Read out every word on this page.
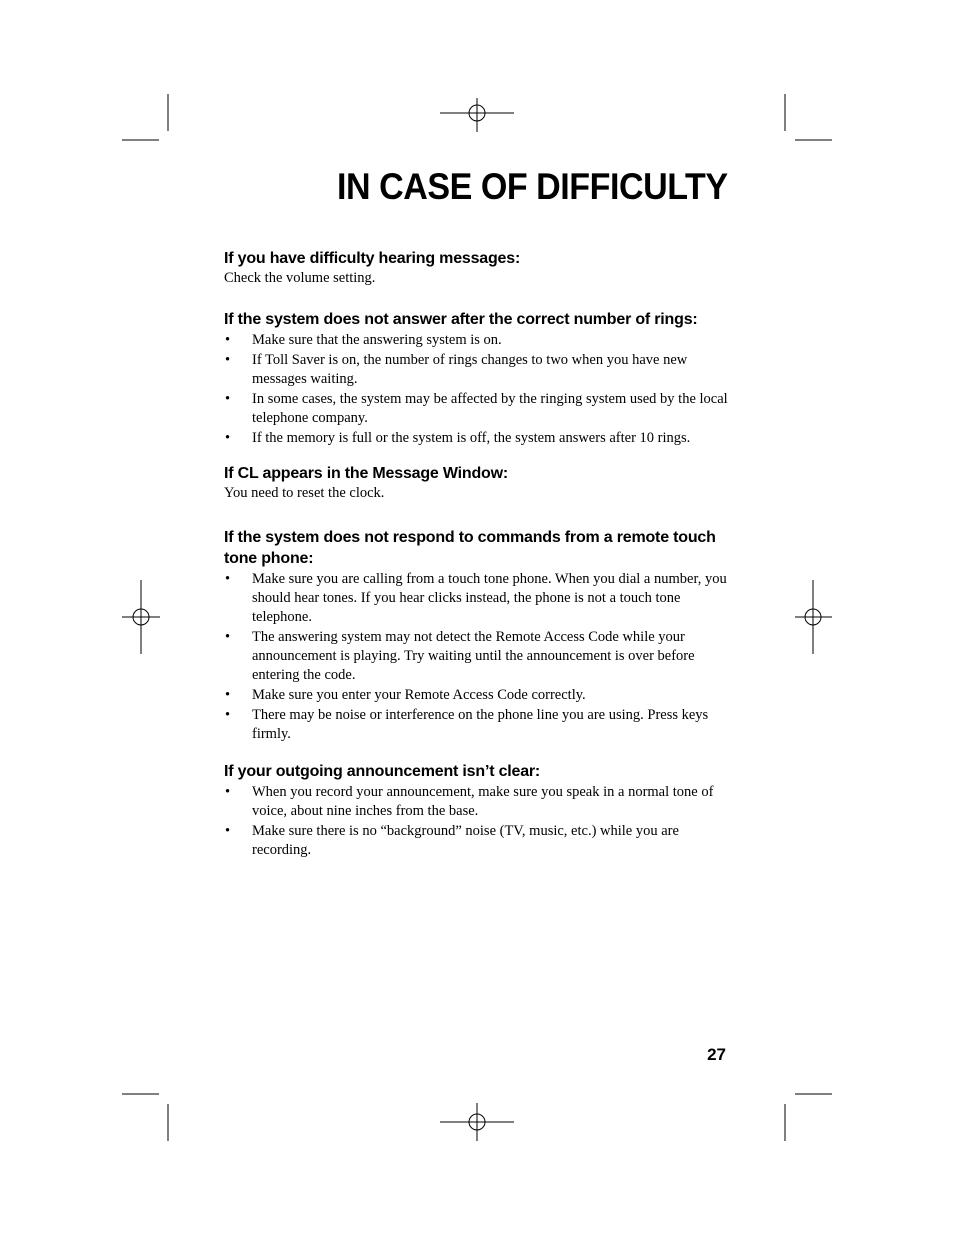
IN CASE OF DIFFICULTY

If you have difficulty hearing messages:

Check the volume setting.

If the system does not answer after the correct number of rings:

• Make sure that the answering system is on.
• If Toll Saver is on, the number of rings changes to two when you have new messages waiting.
• In some cases, the system may be affected by the ringing system used by the local telephone company.
• If the memory is full or the system is off, the system answers after 10 rings.

If CL appears in the Message Window:

You need to reset the clock.

If the system does not respond to commands from a remote touch tone phone:

• Make sure you are calling from a touch tone phone. When you dial a number, you should hear tones. If you hear clicks instead, the phone is not a touch tone telephone.
• The answering system may not detect the Remote Access Code while your announcement is playing. Try waiting until the announcement is over before entering the code.
• Make sure you enter your Remote Access Code correctly.
• There may be noise or interference on the phone line you are using. Press keys firmly.

If your outgoing announcement isn’t clear:

• When you record your announcement, make sure you speak in a normal tone of voice, about nine inches from the base.
• Make sure there is no “background” noise (TV, music, etc.) while you are recording.
27
